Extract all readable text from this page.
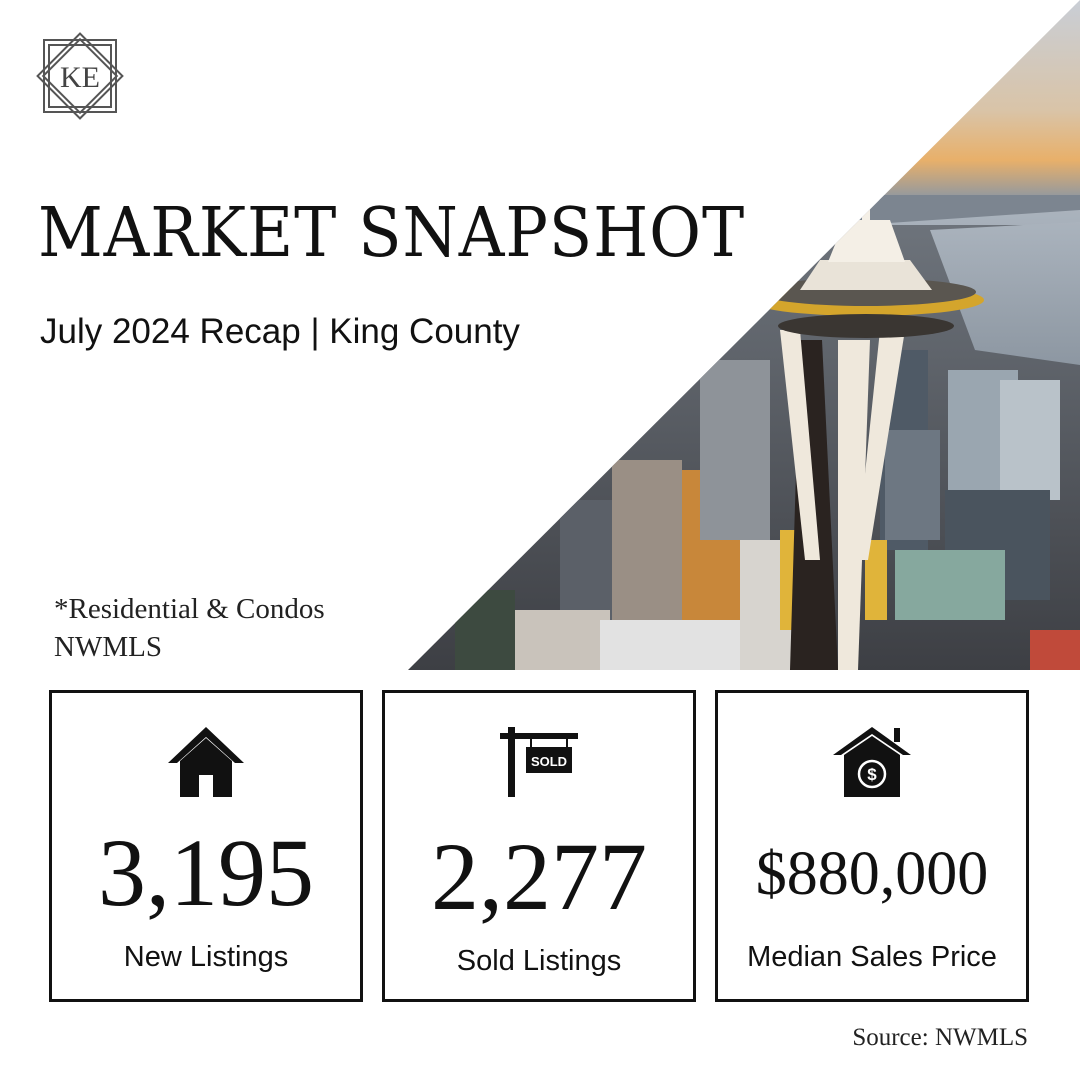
KE
MARKET SNAPSHOT
July 2024 Recap | King County
*Residential & Condos
NWMLS
3,195
New Listings
SOLD
2,277
Sold Listings
$
$880,000
Median Sales Price
Source: NWMLS
